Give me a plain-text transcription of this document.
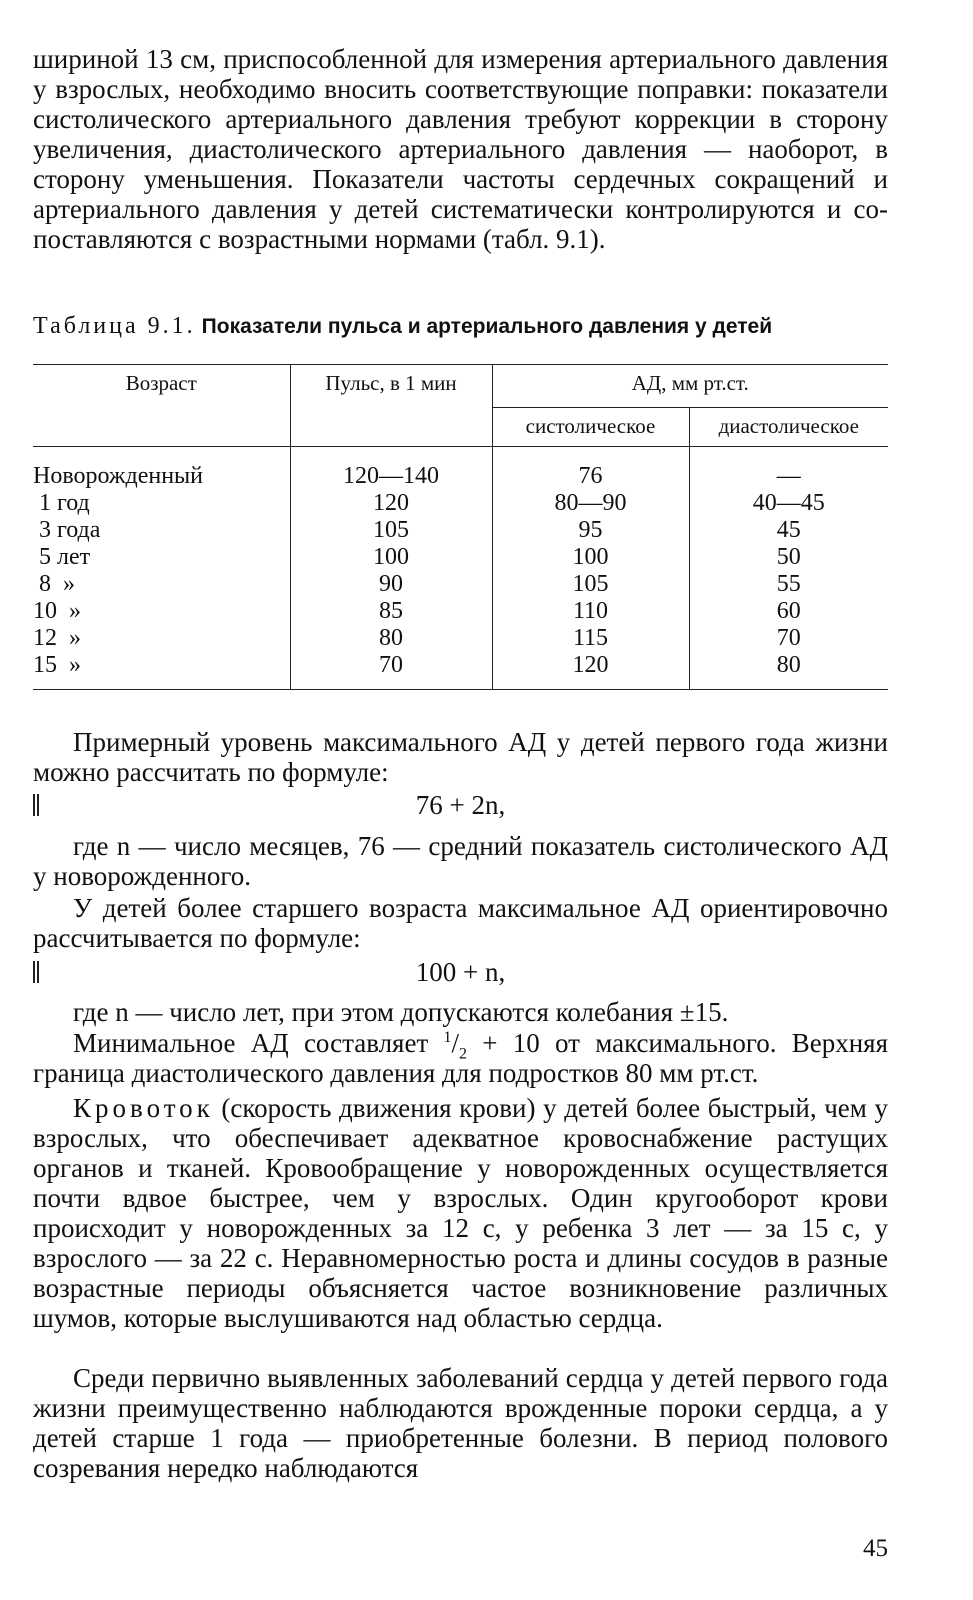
шириной 13 см, приспособленной для измерения артериального давления у взрослых, необходимо вносить соответствующие поправки: показатели систолического артериального давления требуют коррекции в сторону увеличения, диастолического артериального давления — наоборот, в сторону уменьшения. Показатели частоты сердечных сокращений и артериального давления у детей систематически контролируются и сопоставляются с возрастными нормами (табл. 9.1).

Таблица 9.1. Показатели пульса и артериального давления у детей

Возраст	Пульс, в 1 мин	АД, мм рт.ст.	
		систолическое	диастолическое

Новорожденный	120—140	76	—
1 год	120	80—90	40—45
3 года	105	95	45
5 лет	100	100	50
8  »	90	105	55
10  »	85	110	60
12  »	80	115	70
15  »	70	120	80

Примерный уровень максимального АД у детей первого года жизни можно рассчитать по формуле:

76 + 2n,

где n — число месяцев, 76 — средний показатель систолического АД у новорожденного.

У детей более старшего возраста максимальное АД ориентировочно рассчитывается по формуле:

100 + n,

где n — число лет, при этом допускаются колебания ±15.

Минимальное АД составляет $^1/_2 + 10$ от максимального. Верхняя граница диастолического давления для подростков 80 мм рт.ст.

Кровоток (скорость движения крови) у детей более быстрый, чем у взрослых, что обеспечивает адекватное кровоснабжение растущих органов и тканей. Кровообращение у новорожденных осуществляется почти вдвое быстрее, чем у взрослых. Один кругооборот крови происходит у новорожденных за 12 с, у ребенка 3 лет — за 15 с, у взрослого — за 22 с. Неравномерностью роста и длины сосудов в разные возрастные периоды объясняется частое возникновение различных шумов, которые выслушиваются над областью сердца.

Среди первично выявленных заболеваний сердца у детей первого года жизни преимущественно наблюдаются врожденные пороки сердца, а у детей старше 1 года — приобретенные болезни. В период полового созревания нередко наблюдаются

45
